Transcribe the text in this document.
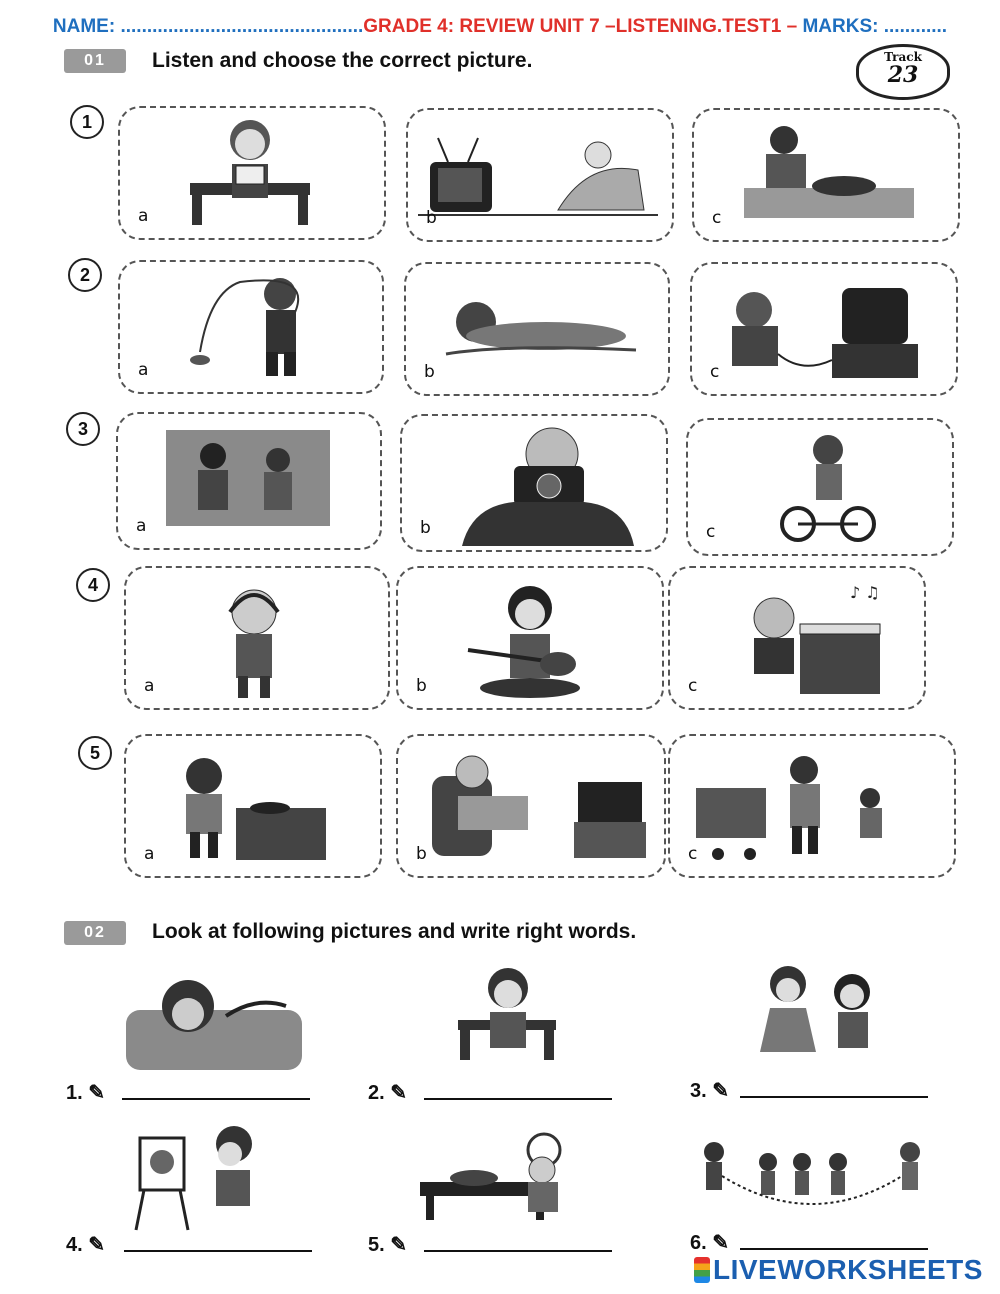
NAME: ..............................................GRADE 4: REVIEW UNIT 7 –LISTENING.TEST1 – MARKS: ............
01	Listen and choose the correct picture.	Track
23
1
a	b	c
2
a	b	c
3
a	b	c
4
a	b
♪ ♫
c
5
a	b	c
02	Look at following pictures and write right words.
1. ✎	2. ✎	3. ✎
4. ✎	5. ✎	6. ✎
LIVEWORKSHEETS
